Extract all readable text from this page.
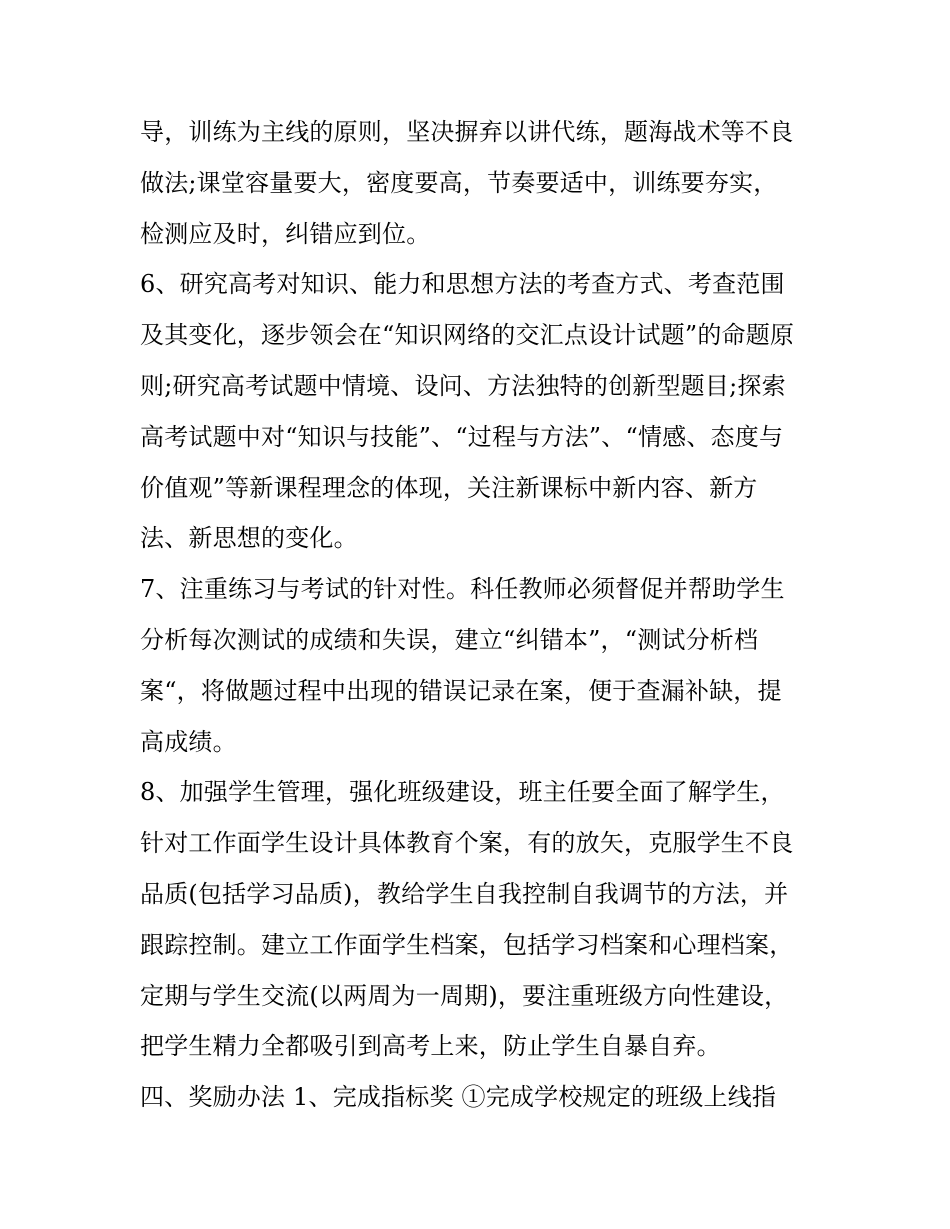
导，训练为主线的原则，坚决摒弃以讲代练，题海战术等不良
做法;课堂容量要大，密度要高，节奏要适中，训练要夯实，
检测应及时，纠错应到位。
6、研究高考对知识、能力和思想方法的考查方式、考查范围
及其变化，逐步领会在“知识网络的交汇点设计试题”的命题原
则;研究高考试题中情境、设问、方法独特的创新型题目;探索
高考试题中对“知识与技能”、“过程与方法”、“情感、态度与
价值观”等新课程理念的体现，关注新课标中新内容、新方
法、新思想的变化。
7、注重练习与考试的针对性。科任教师必须督促并帮助学生
分析每次测试的成绩和失误，建立“纠错本”，“测试分析档
案“，将做题过程中出现的错误记录在案，便于查漏补缺，提
高成绩。
8、加强学生管理，强化班级建设，班主任要全面了解学生，
针对工作面学生设计具体教育个案，有的放矢，克服学生不良
品质(包括学习品质)，教给学生自我控制自我调节的方法，并
跟踪控制。建立工作面学生档案，包括学习档案和心理档案，
定期与学生交流(以两周为一周期)，要注重班级方向性建设，
把学生精力全都吸引到高考上来，防止学生自暴自弃。
四、奖励办法 1、完成指标奖 ①完成学校规定的班级上线指
